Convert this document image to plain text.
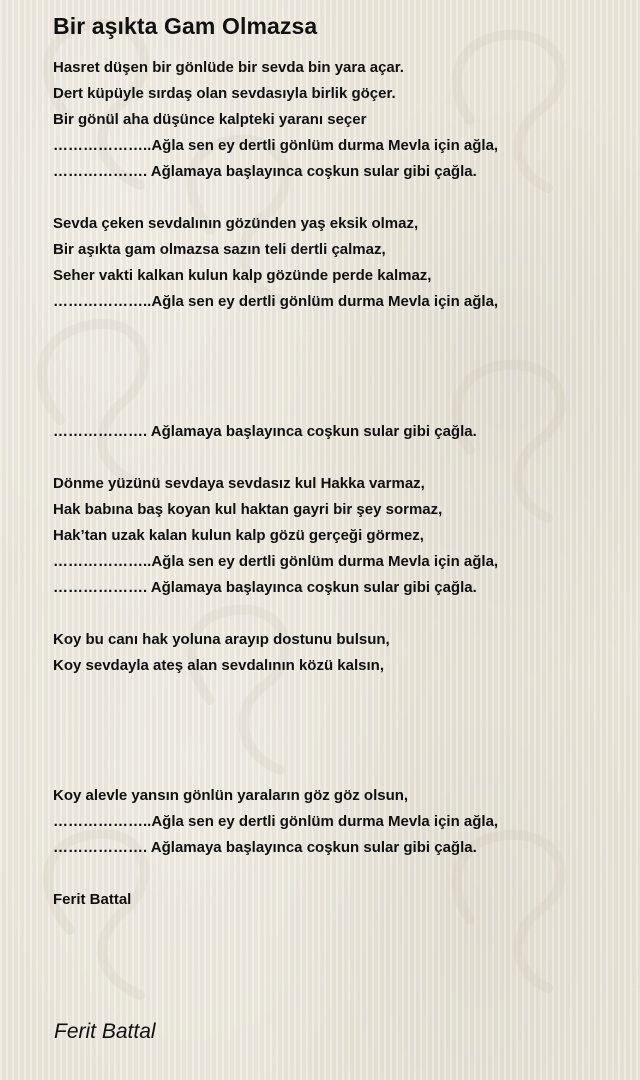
Bir aşıkta Gam Olmazsa
Hasret düşen bir gönlüde bir sevda bin yara açar.
Dert küpüyle sırdaş olan sevdasıyla birlik göçer.
Bir gönül aha düşünce kalpteki yaranı seçer
………………..Ağla sen ey dertli gönlüm durma Mevla için ağla,
………………. Ağlamaya başlayınca coşkun sular gibi çağla.
Sevda çeken sevdalının gözünden yaş eksik olmaz,
Bir aşıkta gam olmazsa sazın teli dertli çalmaz,
Seher vakti kalkan kulun kalp gözünde perde kalmaz,
………………..Ağla sen ey dertli gönlüm durma Mevla için ağla,
………………. Ağlamaya başlayınca coşkun sular gibi çağla.
Dönme yüzünü sevdaya sevdasız kul Hakka varmaz,
Hak babına baş koyan kul haktan gayri bir şey sormaz,
Hak’tan uzak kalan kulun kalp gözü gerçeği görmez,
………………..Ağla sen ey dertli gönlüm durma Mevla için ağla,
………………. Ağlamaya başlayınca coşkun sular gibi çağla.
Koy bu canı hak yoluna arayıp dostunu bulsun,
Koy sevdayla ateş alan sevdalının közü kalsın,
Koy alevle yansın gönlün yaraların göz göz olsun,
………………..Ağla sen ey dertli gönlüm durma Mevla için ağla,
………………. Ağlamaya başlayınca coşkun sular gibi çağla.
Ferit Battal
Ferit Battal
